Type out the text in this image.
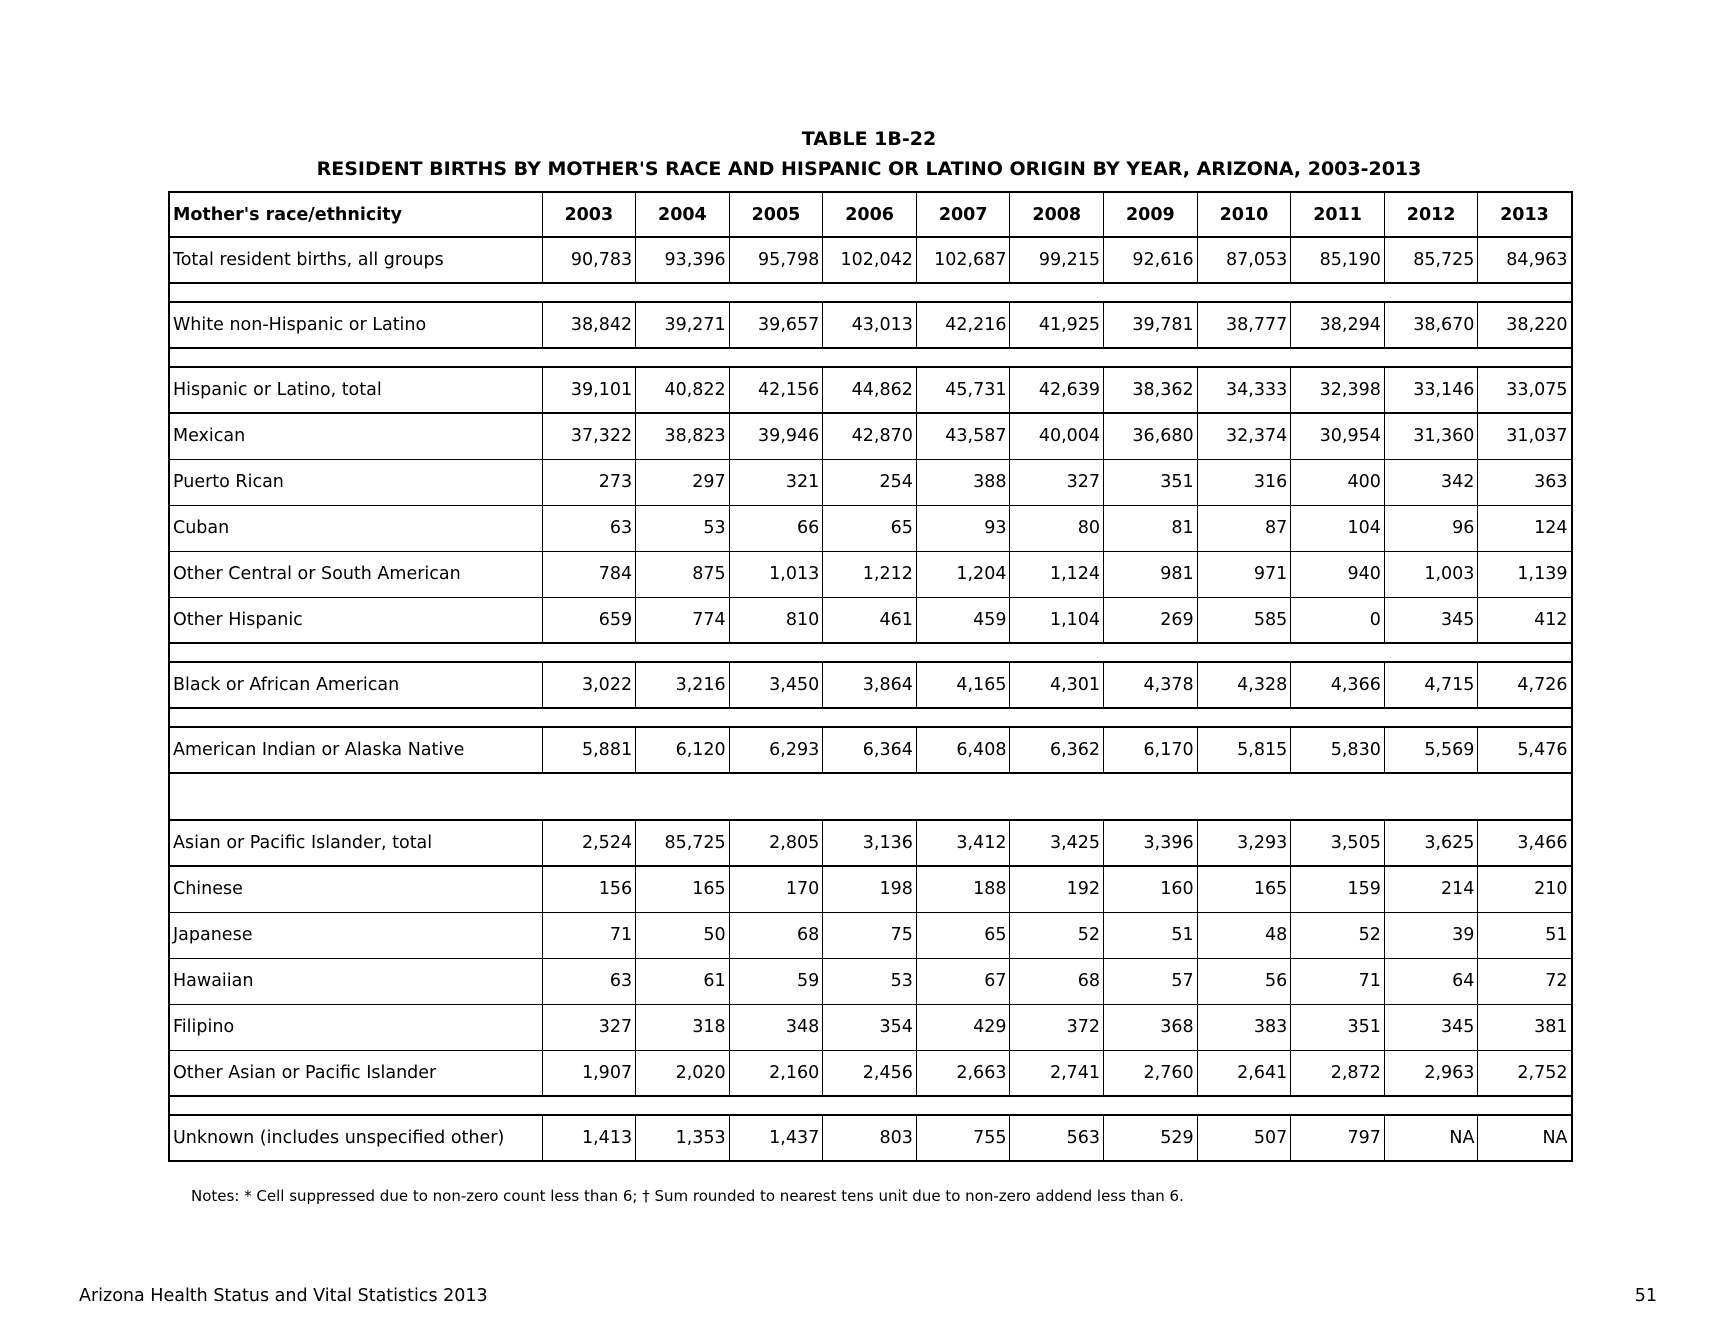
TABLE 1B-22
RESIDENT BIRTHS BY MOTHER'S RACE AND HISPANIC OR LATINO ORIGIN BY YEAR, ARIZONA, 2003-2013
Mother's race/ethnicity	2003	2004	2005	2006	2007	2008	2009	2010	2011	2012	2013
Total resident births, all groups	90,783	93,396	95,798	102,042	102,687	99,215	92,616	87,053	85,190	85,725	84,963

White non-Hispanic or Latino	38,842	39,271	39,657	43,013	42,216	41,925	39,781	38,777	38,294	38,670	38,220

Hispanic or Latino, total	39,101	40,822	42,156	44,862	45,731	42,639	38,362	34,333	32,398	33,146	33,075
Mexican	37,322	38,823	39,946	42,870	43,587	40,004	36,680	32,374	30,954	31,360	31,037
Puerto Rican	273	297	321	254	388	327	351	316	400	342	363
Cuban	63	53	66	65	93	80	81	87	104	96	124
Other Central or South American	784	875	1,013	1,212	1,204	1,124	981	971	940	1,003	1,139
Other Hispanic	659	774	810	461	459	1,104	269	585	0	345	412

Black or African American	3,022	3,216	3,450	3,864	4,165	4,301	4,378	4,328	4,366	4,715	4,726

American Indian or Alaska Native	5,881	6,120	6,293	6,364	6,408	6,362	6,170	5,815	5,830	5,569	5,476

Asian or Pacific Islander, total	2,524	85,725	2,805	3,136	3,412	3,425	3,396	3,293	3,505	3,625	3,466
Chinese	156	165	170	198	188	192	160	165	159	214	210
Japanese	71	50	68	75	65	52	51	48	52	39	51
Hawaiian	63	61	59	53	67	68	57	56	71	64	72
Filipino	327	318	348	354	429	372	368	383	351	345	381
Other Asian or Pacific Islander	1,907	2,020	2,160	2,456	2,663	2,741	2,760	2,641	2,872	2,963	2,752

Unknown (includes unspecified other)	1,413	1,353	1,437	803	755	563	529	507	797	NA	NA
Notes: * Cell suppressed due to non-zero count less than 6; † Sum rounded to nearest tens unit due to non-zero addend less than 6.
Arizona Health Status and Vital Statistics 2013	51
